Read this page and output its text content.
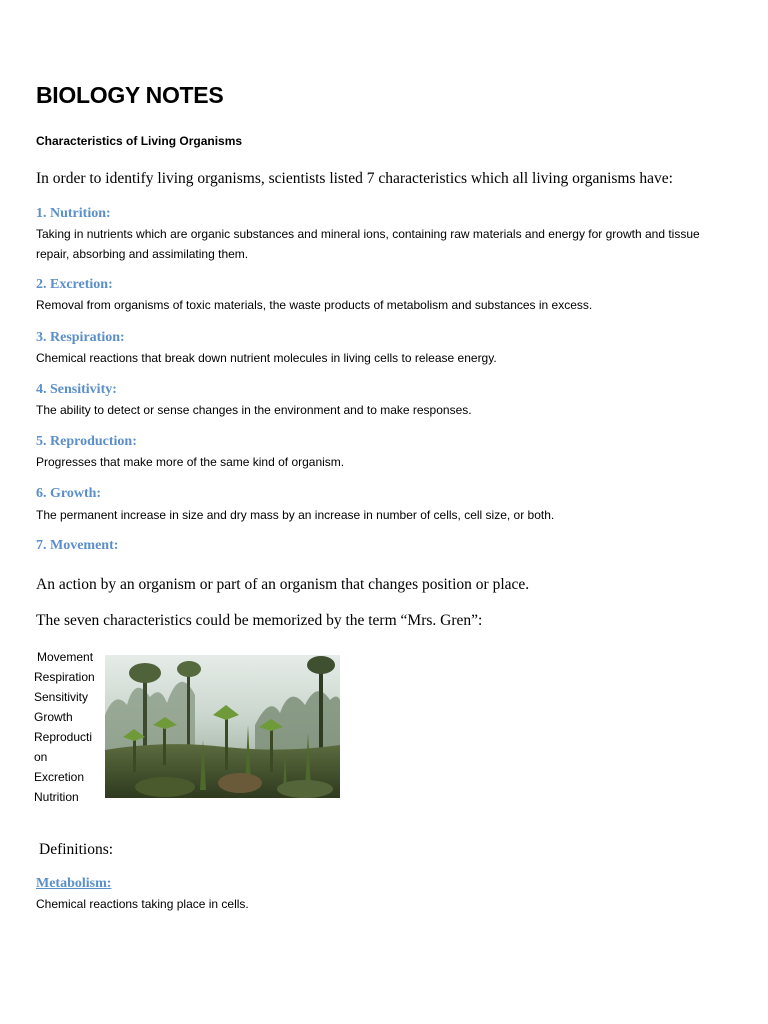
BIOLOGY NOTES
Characteristics of Living Organisms
In order to identify living organisms, scientists listed 7 characteristics which all living organisms have:
1. Nutrition:
Taking in nutrients which are organic substances and mineral ions, containing raw materials and energy for growth and tissue repair, absorbing and assimilating them.
2. Excretion:
Removal from organisms of toxic materials, the waste products of metabolism and substances in excess.
3. Respiration:
Chemical reactions that break down nutrient molecules in living cells to release energy.
4. Sensitivity:
The ability to detect or sense changes in the environment and to make responses.
5. Reproduction:
Progresses that make more of the same kind of organism.
6. Growth:
The permanent increase in size and dry mass by an increase in number of cells, cell size, or both.
7. Movement:
An action by an organism or part of an organism that changes position or place.
The seven characteristics could be memorized by the term “Mrs. Gren”:
Movement
Respiration
Sensitivity
Growth
Reproducti
on
Excretion
Nutrition
Definitions:
Metabolism:
Chemical reactions taking place in cells.
